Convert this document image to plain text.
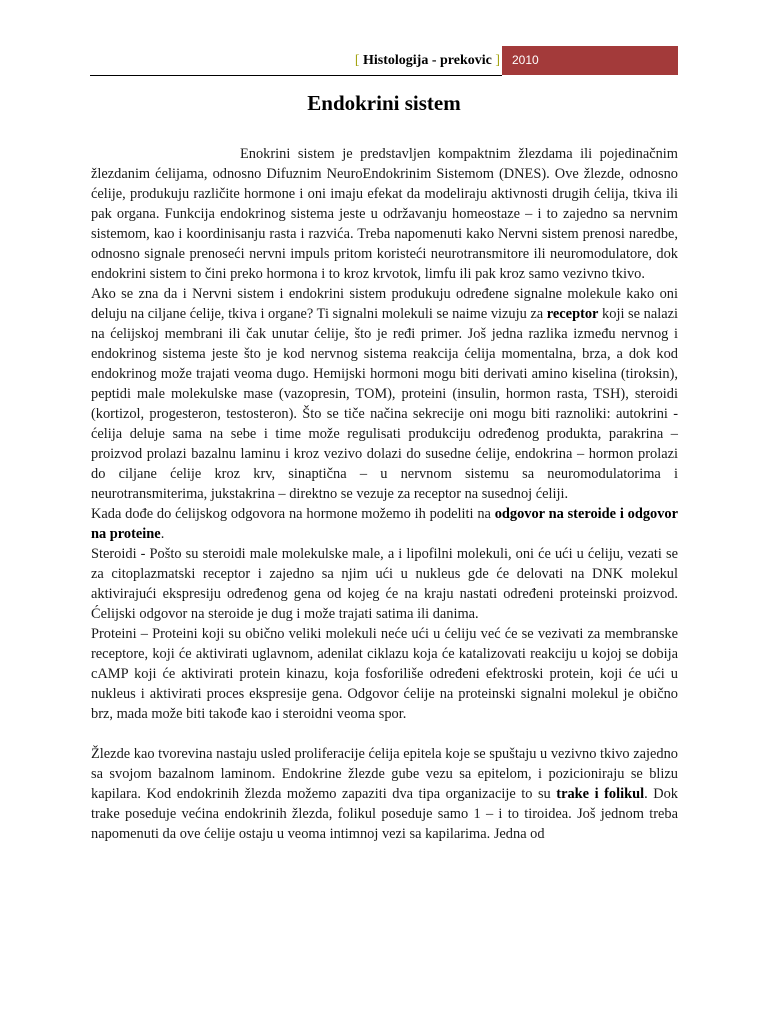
[ Histologija - prekovic ]	2010
Endokrini sistem

Enokrini sistem je predstavljen kompaktnim žlezdama ili pojedinačnim žlezdanim ćelijama, odnosno Difuznim NeuroEndokrinim Sistemom (DNES). Ove žlezde, odnosno ćelije, produkuju različite hormone i oni imaju efekat da modeliraju aktivnosti drugih ćelija, tkiva ili pak organa. Funkcija endokrinog sistema jeste u održavanju homeostaze – i to zajedno sa nervnim sistemom, kao i koordinisanju rasta i razvića. Treba napomenuti kako Nervni sistem prenosi naredbe, odnosno signale prenoseći nervni impuls pritom koristeći neurotransmitore ili neuromodulatore, dok endokrini sistem to čini preko hormona i to kroz krvotok, limfu ili pak kroz samo vezivno tkivo.

Ako se zna da i Nervni sistem i endokrini sistem produkuju određene signalne molekule kako oni deluju na ciljane ćelije, tkiva i organe? Ti signalni molekuli se naime vizuju za receptor koji se nalazi na ćelijskoj membrani ili čak unutar ćelije, što je ređi primer. Još jedna razlika između nervnog i endokrinog sistema jeste što je kod nervnog sistema reakcija ćelija momentalna, brza, a dok kod endokrinog može trajati veoma dugo. Hemijski hormoni mogu biti derivati amino kiselina (tiroksin), peptidi male molekulske mase (vazopresin, TOM), proteini (insulin, hormon rasta, TSH), steroidi (kortizol, progesteron, testosteron). Što se tiče načina sekrecije oni mogu biti raznoliki: autokrini - ćelija deluje sama na sebe i time može regulisati produkciju određenog produkta, parakrina – proizvod prolazi bazalnu laminu i kroz vezivo dolazi do susedne ćelije, endokrina – hormon prolazi do ciljane ćelije kroz krv, sinaptična – u nervnom sistemu sa neuromodulatorima i neurotransmiterima, jukstakrina – direktno se vezuje za receptor na susednoj ćeliji.

Kada dođe do ćelijskog odgovora na hormone možemo ih podeliti na odgovor na steroide i odgovor na proteine.

Steroidi - Pošto su steroidi male molekulske male, a i lipofilni molekuli, oni će ući u ćeliju, vezati se za citoplazmatski receptor i zajedno sa njim ući u nukleus gde će delovati na DNK molekul aktivirajući ekspresiju određenog gena od kojeg će na kraju nastati određeni proteinski proizvod. Ćelijski odgovor na steroide je dug i može trajati satima ili danima.

Proteini – Proteini koji su obično veliki molekuli neće ući u ćeliju već će se vezivati za membranske receptore, koji će aktivirati uglavnom, adenilat ciklazu koja će katalizovati reakciju u kojoj se dobija cAMP koji će aktivirati protein kinazu, koja fosforiliše određeni efektroski protein, koji će ući u nukleus i aktivirati proces ekspresije gena. Odgovor ćelije na proteinski signalni molekul je obično brz, mada može biti takođe kao i steroidni veoma spor.

Žlezde kao tvorevina nastaju usled proliferacije ćelija epitela koje se spuštaju u vezivno tkivo zajedno sa svojom bazalnom laminom. Endokrine žlezde gube vezu sa epitelom, i pozicioniraju se blizu kapilara. Kod endokrinih žlezda možemo zapaziti dva tipa organizacije to su trake i folikul. Dok trake poseduje većina endokrinih žlezda, folikul poseduje samo 1 – i to tiroidea. Još jednom treba napomenuti da ove ćelije ostaju u veoma intimnoj vezi sa kapilarima. Jedna od
